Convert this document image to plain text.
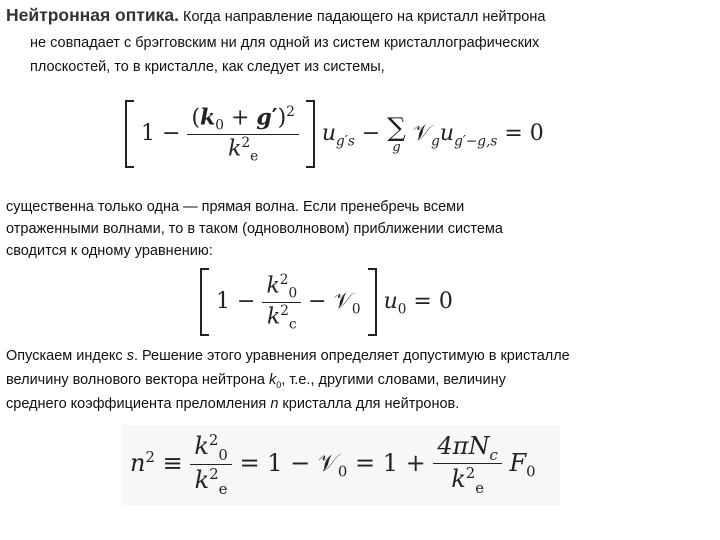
Нейтронная оптика. Когда направление падающего на кристалл нейтрона
не совпадает с брэгговским ни для одной из систем кристаллографических
плоскостей, то в кристалле, как следует из системы,
$1 - \frac{(k_0 + g')^2}{k^2_e} u_{g's}$ − ∑
g
$𝒱_gu_{g'-g,s} = 0$
существенна только одна — прямая волна. Если пренебречь всеми
отраженными волнами, то в таком (одноволновом) приближении система
сводится к одному уравнению:
$1 - \frac{k^2_0}{k^2_c}$ − 𝒱$_0$ $u_0 = 0$
Опускаем индекс s. Решение этого уравнения определяет допустимую в кристалле
величину волнового вектора нейтрона $k_0$, т.е., другими словами, величину
среднего коэффициента преломления n кристалла для нейтронов.
$n^2 \equiv \frac{k^2_0}{k^2_e} = 1$ − 𝒱$_0$ = $1 + \frac{4\pi N_c}{k^2_e} F_0$
